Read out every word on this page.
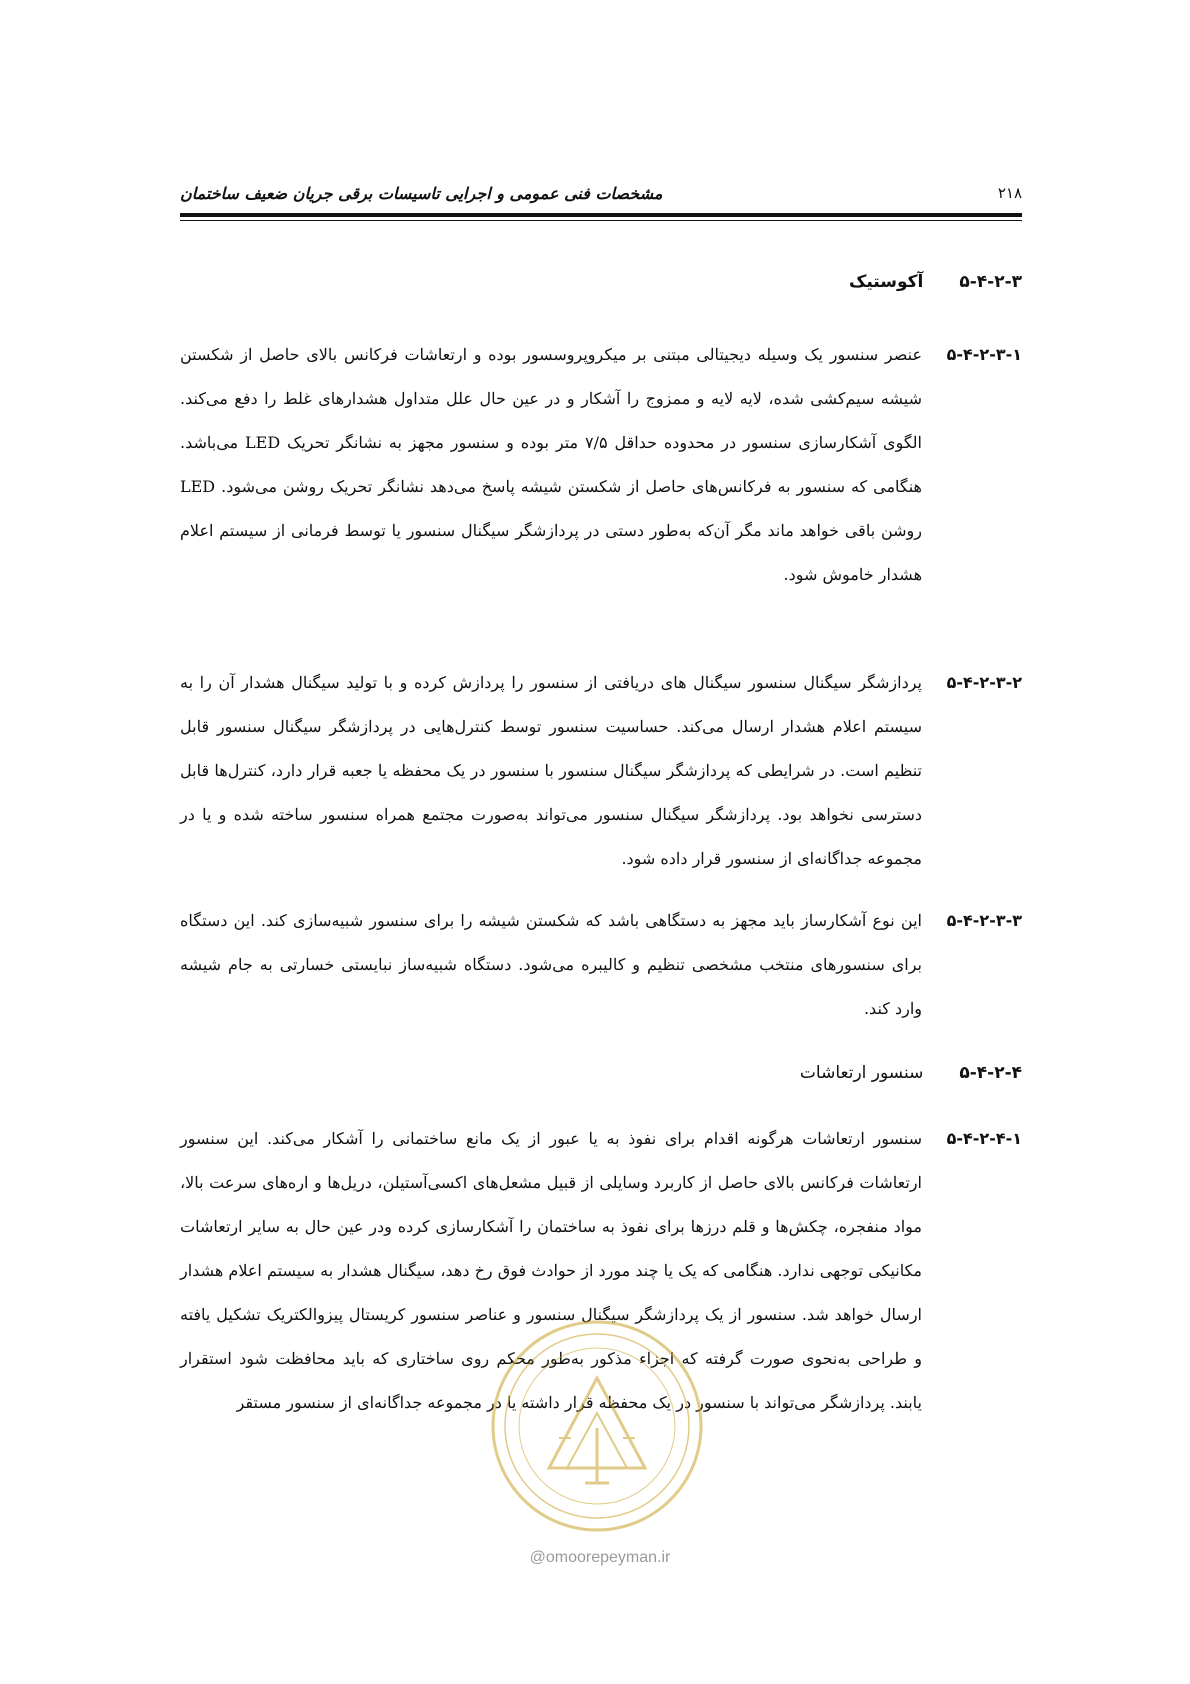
۲۱۸
مشخصات فنی عمومی و اجرایی تاسیسات برقی جریان ضعیف ساختمان
۵-۴-۲-۳
آکوستیک
۵-۴-۲-۳-۱

عنصر سنسور یک وسیله دیجیتالی مبتنی بر میکروپروسسور بوده و ارتعاشات فرکانس بالای حاصل از شکستن شیشه سیم‌کشی شده، لایه لایه و ممزوج را آشکار و در عین حال علل متداول هشدارهای غلط را دفع می‌کند. الگوی آشکارسازی سنسور در محدوده حداقل ۷/۵ متر بوده و سنسور مجهز به نشانگر تحریک LED می‌باشد. هنگامی که سنسور به فرکانس‌های حاصل از شکستن شیشه پاسخ می‌دهد نشانگر تحریک روشن می‌شود. LED روشن باقی خواهد ماند مگر آن‌که به‌طور دستی در پردازشگر سیگنال سنسور یا توسط فرمانی از سیستم اعلام هشدار خاموش شود.

۵-۴-۲-۳-۲

پردازشگر سیگنال سنسور سیگنال های دریافتی از سنسور را پردازش کرده و با تولید سیگنال هشدار آن را به سیستم اعلام هشدار ارسال می‌کند. حساسیت سنسور توسط کنترل‌هایی در پردازشگر سیگنال سنسور قابل تنظیم است. در شرایطی که پردازشگر سیگنال سنسور با سنسور در یک محفظه یا جعبه قرار دارد، کنترل‌ها قابل دسترسی نخواهد بود. پردازشگر سیگنال سنسور می‌تواند به‌صورت مجتمع همراه سنسور ساخته شده و یا در مجموعه جداگانه‌ای از سنسور قرار داده شود.

۵-۴-۲-۳-۳

این نوع آشکارساز باید مجهز به دستگاهی باشد که شکستن شیشه را برای سنسور شبیه‌سازی کند. این دستگاه برای سنسورهای منتخب مشخصی تنظیم و کالیبره می‌شود. دستگاه شبیه‌ساز نبایستی خسارتی به جام شیشه وارد کند.

۵-۴-۲-۴
سنسور ارتعاشات
۵-۴-۲-۴-۱

سنسور ارتعاشات هرگونه اقدام برای نفوذ به یا عبور از یک مانع ساختمانی را آشکار می‌کند. این سنسور ارتعاشات فرکانس بالای حاصل از کاربرد وسایلی از قبیل مشعل‌های اکسی‌آستیلن، دریل‌ها و اره‌های سرعت بالا، مواد منفجره، چکش‌ها و قلم درزها برای نفوذ به ساختمان را آشکارسازی کرده ودر عین حال به سایر ارتعاشات مکانیکی توجهی ندارد. هنگامی که یک یا چند مورد از حوادث فوق رخ دهد، سیگنال هشدار به سیستم اعلام هشدار ارسال خواهد شد. سنسور از یک پردازشگر سیگنال سنسور و عناصر سنسور کریستال پیزوالکتریک تشکیل یافته و طراحی به‌نحوی صورت گرفته که اجزاء مذکور به‌طور محکم روی ساختاری که باید محافظت شود استقرار یابند. پردازشگر می‌تواند با سنسور در یک محفظه قرار داشته یا در مجموعه جداگانه‌ای از سنسور مستقر

@omoorepeyman.ir
